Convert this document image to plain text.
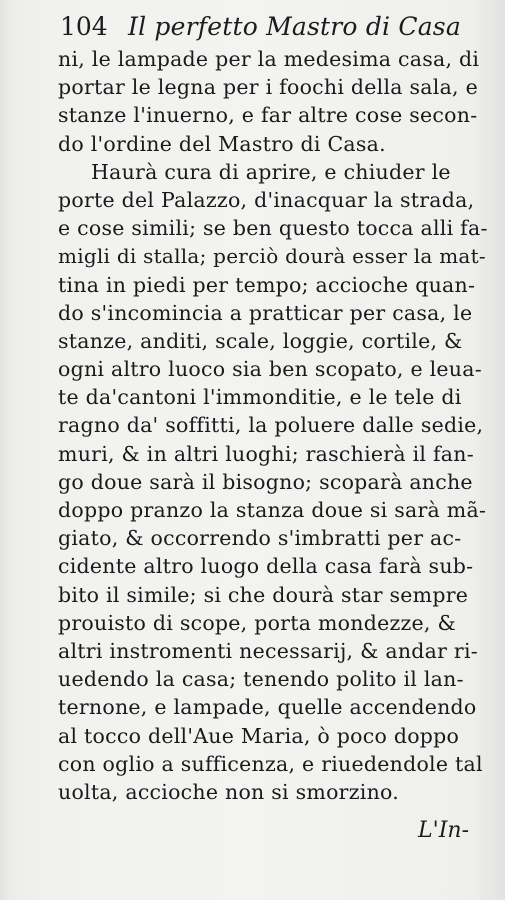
104 Il perfetto Mastro di Casa
ni, le lampade per la medesima casa, di
portar le legna per i foochi della sala, e
stanze l'inuerno, e far altre cose secon-
do l'ordine del Mastro di Casa.
Haurà cura di aprire, e chiuder le
porte del Palazzo, d'inacquar la strada,
e cose simili; se ben questo tocca alli fa-
migli di stalla; perciò dourà esser la mat-
tina in piedi per tempo; accioche quan-
do s'incomincia a pratticar per casa, le
stanze, anditi, scale, loggie, cortile, &
ogni altro luoco sia ben scopato, e leua-
te da'cantoni l'immonditie, e le tele di
ragno da' soffitti, la poluere dalle sedie,
muri, & in altri luoghi; raschierà il fan-
go doue sarà il bisogno; scoparà anche
doppo pranzo la stanza doue si sarà mã-
giato, & occorrendo s'imbratti per ac-
cidente altro luogo della casa farà sub-
bito il simile; si che dourà star sempre
prouisto di scope, porta mondezze, &
altri instromenti necessarij, & andar ri-
uedendo la casa; tenendo polito il lan-
ternone, e lampade, quelle accendendo
al tocco dell'Aue Maria, ò poco doppo
con oglio a sufficenza, e riuedendole tal
uolta, accioche non si smorzino.
L'In-
